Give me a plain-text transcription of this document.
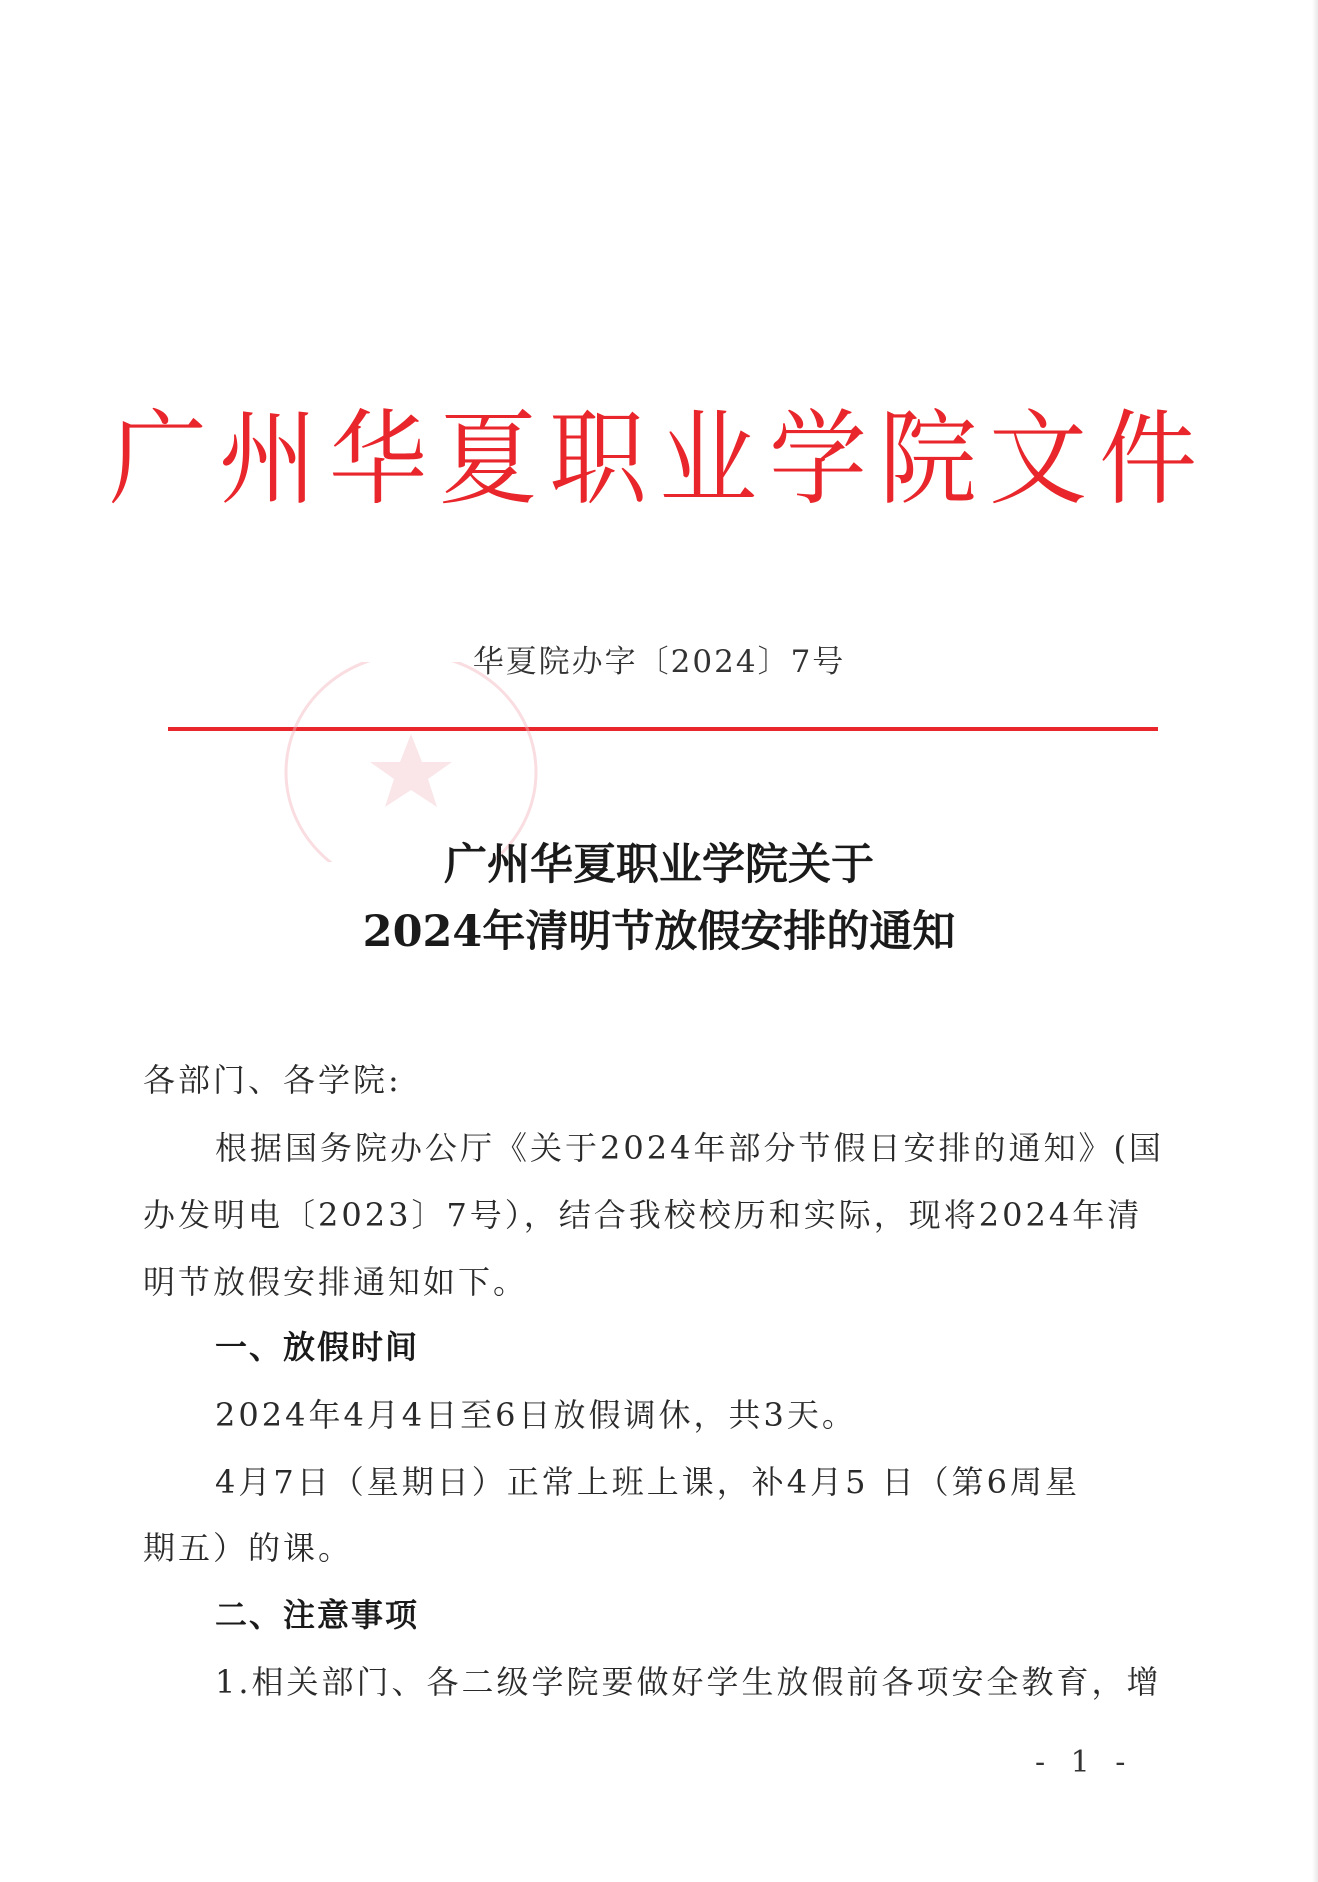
广州华夏职业学院文件
华夏院办字〔2024〕7号
广州华夏职业学院关于
2024年清明节放假安排的通知
各部门、各学院:
根据国务院办公厅《关于2024年部分节假日安排的通知》(国
办发明电〔2023〕7号），结合我校校历和实际，现将2024年清
明节放假安排通知如下。
一、放假时间
2024年4月4日至6日放假调休，共3天。
4月7日（星期日）正常上班上课，补4月5 日（第6周星
期五）的课。
二、注意事项
1.相关部门、各二级学院要做好学生放假前各项安全教育，增
- 1 -
